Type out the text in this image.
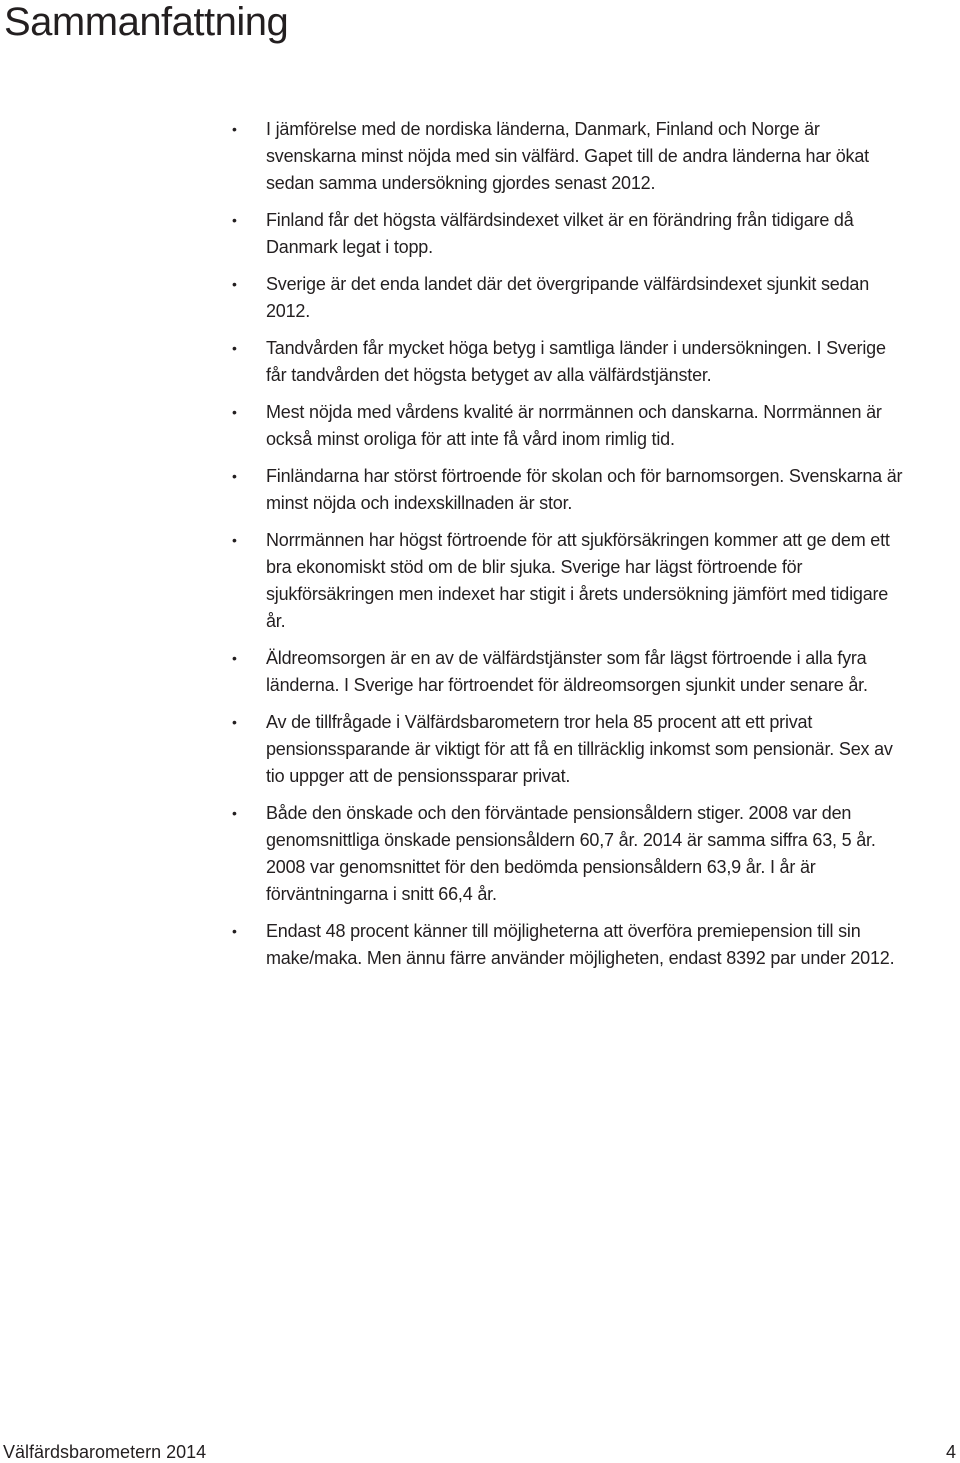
Sammanfattning
• I jämförelse med de nordiska länderna, Danmark, Finland och Norge är svenskarna minst nöjda med sin välfärd. Gapet till de andra länderna har ökat sedan samma undersökning gjordes senast 2012.
• Finland får det högsta välfärdsindexet vilket är en förändring från tidigare då Danmark legat i topp.
• Sverige är det enda landet där det övergripande välfärdsindexet sjunkit sedan 2012.
• Tandvården får mycket höga betyg i samtliga länder i undersökningen. I Sverige får tandvården det högsta betyget av alla välfärdstjänster.
• Mest nöjda med vårdens kvalité är norrmännen och danskarna. Norrmännen är också minst oroliga för att inte få vård inom rimlig tid.
• Finländarna har störst förtroende för skolan och för barnomsorgen. Svenskarna är minst nöjda och indexskillnaden är stor.
• Norrmännen har högst förtroende för att sjukförsäkringen kommer att ge dem ett bra ekonomiskt stöd om de blir sjuka. Sverige har lägst förtroende för sjukförsäkringen men indexet har stigit i årets undersökning jämfört med tidigare år.
• Äldreomsorgen är en av de välfärdstjänster som får lägst förtroende i alla fyra länderna. I Sverige har förtroendet för äldreomsorgen sjunkit under senare år.
• Av de tillfrågade i Välfärdsbarometern tror hela 85 procent att ett privat pensionssparande är viktigt för att få en tillräcklig inkomst som pensionär. Sex av tio uppger att de pensionssparar privat.
• Både den önskade och den förväntade pensionsåldern stiger. 2008 var den genomsnittliga önskade pensionsåldern 60,7 år. 2014 är samma siffra 63, 5 år. 2008 var genomsnittet för den bedömda pensionsåldern 63,9 år. I år är förväntningarna i snitt 66,4 år.
• Endast 48 procent känner till möjligheterna att överföra premiepension till sin make/maka. Men ännu färre använder möjligheten, endast 8392 par under 2012.
Välfärdsbarometern 2014	4
